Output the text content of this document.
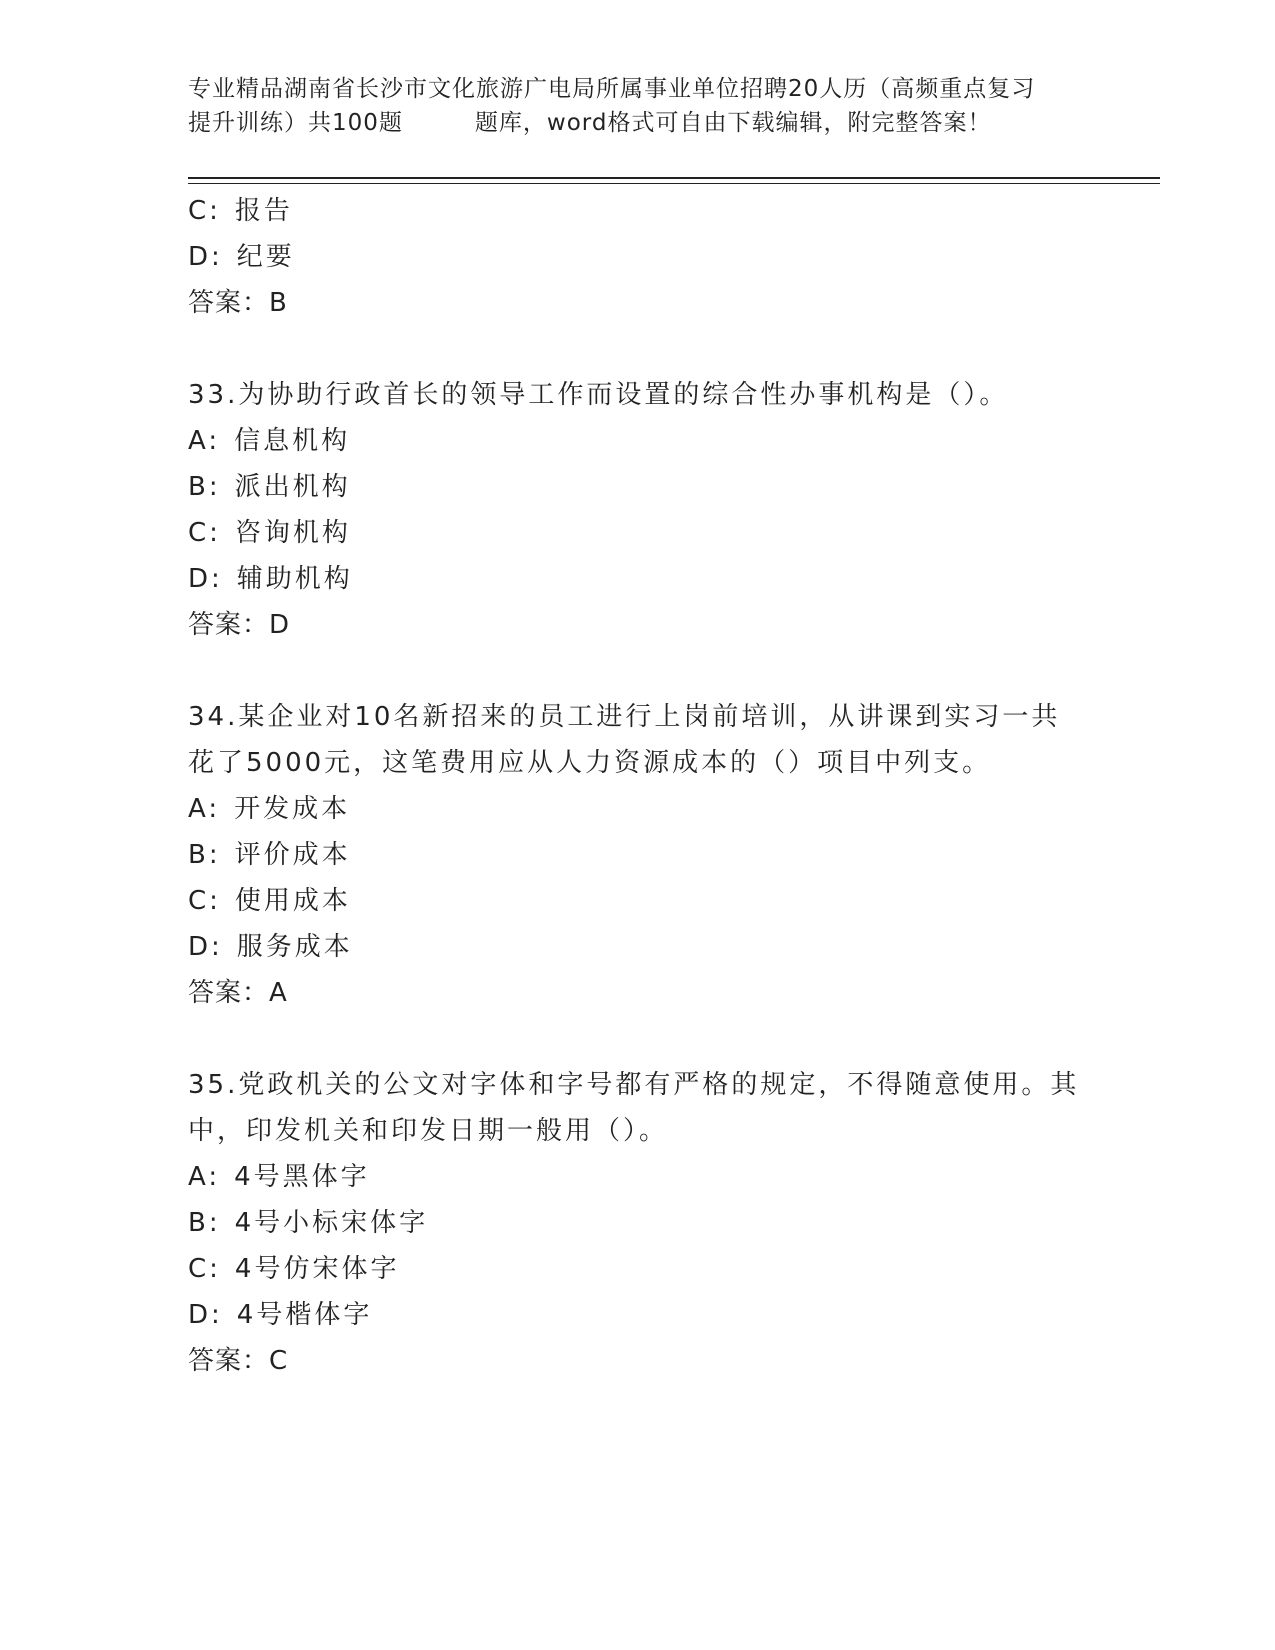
专业精品湖南省长沙市文化旅游广电局所属事业单位招聘20人历（高频重点复习
提升训练）共100题	题库，word格式可自由下载编辑，附完整答案！
C: 报告
D: 纪要
答案：B
33.为协助行政首长的领导工作而设置的综合性办事机构是（）。
A: 信息机构
B: 派出机构
C: 咨询机构
D: 辅助机构
答案：D
34.某企业对10名新招来的员工进行上岗前培训，从讲课到实习一共
花了5000元，这笔费用应从人力资源成本的（）项目中列支。
A: 开发成本
B: 评价成本
C: 使用成本
D: 服务成本
答案：A
35.党政机关的公文对字体和字号都有严格的规定，不得随意使用。其
中，印发机关和印发日期一般用（）。
A: 4号黑体字
B: 4号小标宋体字
C: 4号仿宋体字
D: 4号楷体字
答案：C
